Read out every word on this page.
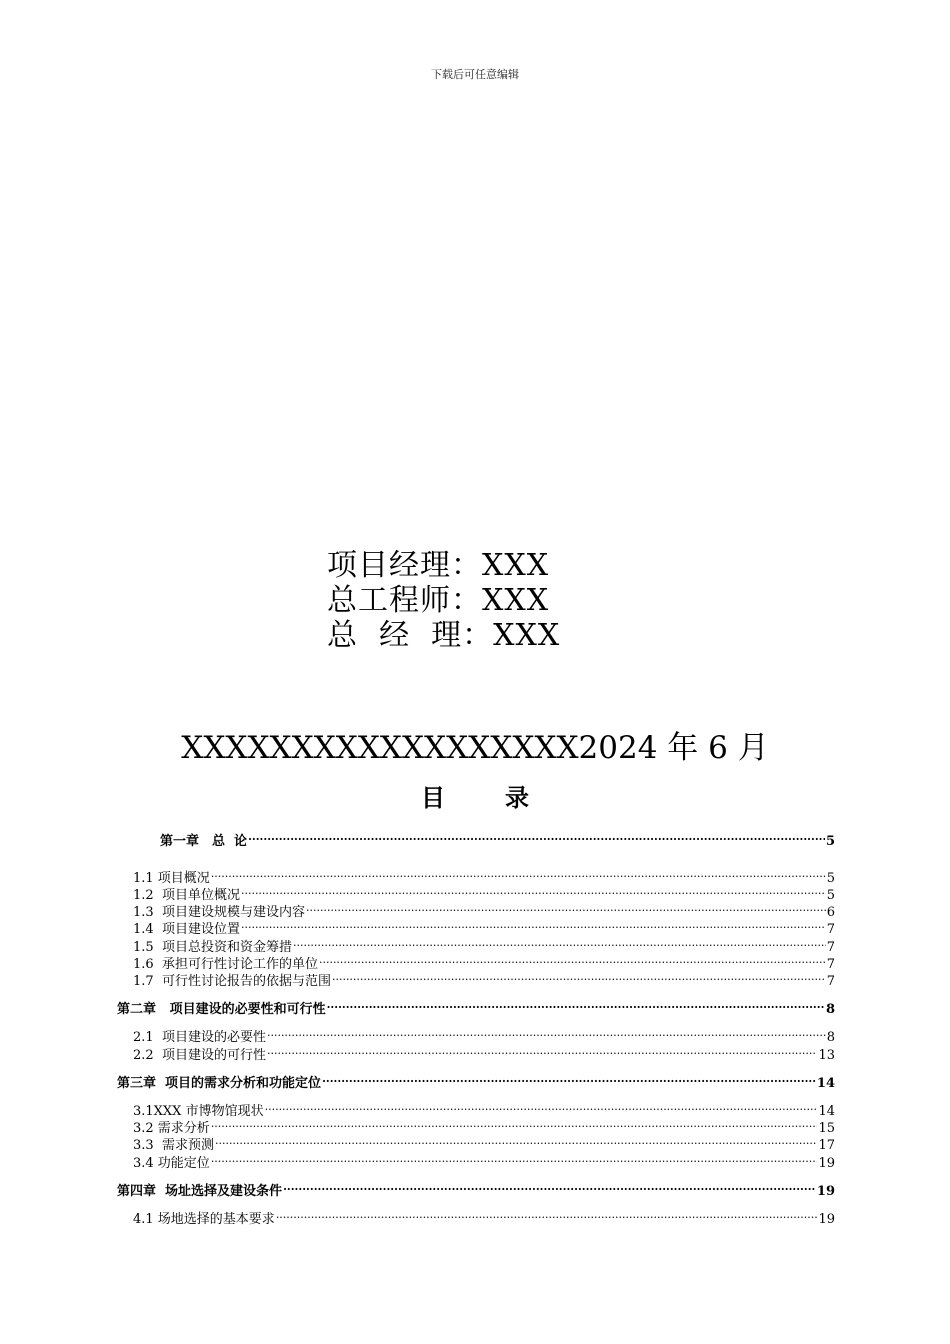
下载后可任意编辑
项目经理：XXX
总工程师：XXX
总  经  理：XXX
XXXXXXXXXXXXXXXXXX2024 年 6 月
目录
第一章　总  论 .....	5
1.1 项目概况 .....	5
1.2  项目单位概况 .....	5
1.3  项目建设规模与建设内容 .....	6
1.4  项目建设位置 .....	7
1.5  项目总投资和资金筹措 .....	7
1.6  承担可行性讨论工作的单位 .....	7
1.7  可行性讨论报告的依据与范围 .....	7
第二章   项目建设的必要性和可行性 .....	8
2.1  项目建设的必要性 .....	8
2.2  项目建设的可行性 .....	13
第三章  项目的需求分析和功能定位 .....	14
3.1XXX 市博物馆现状 .....	14
3.2 需求分析 .....	15
3.3  需求预测 .....	17
3.4 功能定位 .....	19
第四章  场址选择及建设条件 .....	19
4.1 场地选择的基本要求 .....	19
